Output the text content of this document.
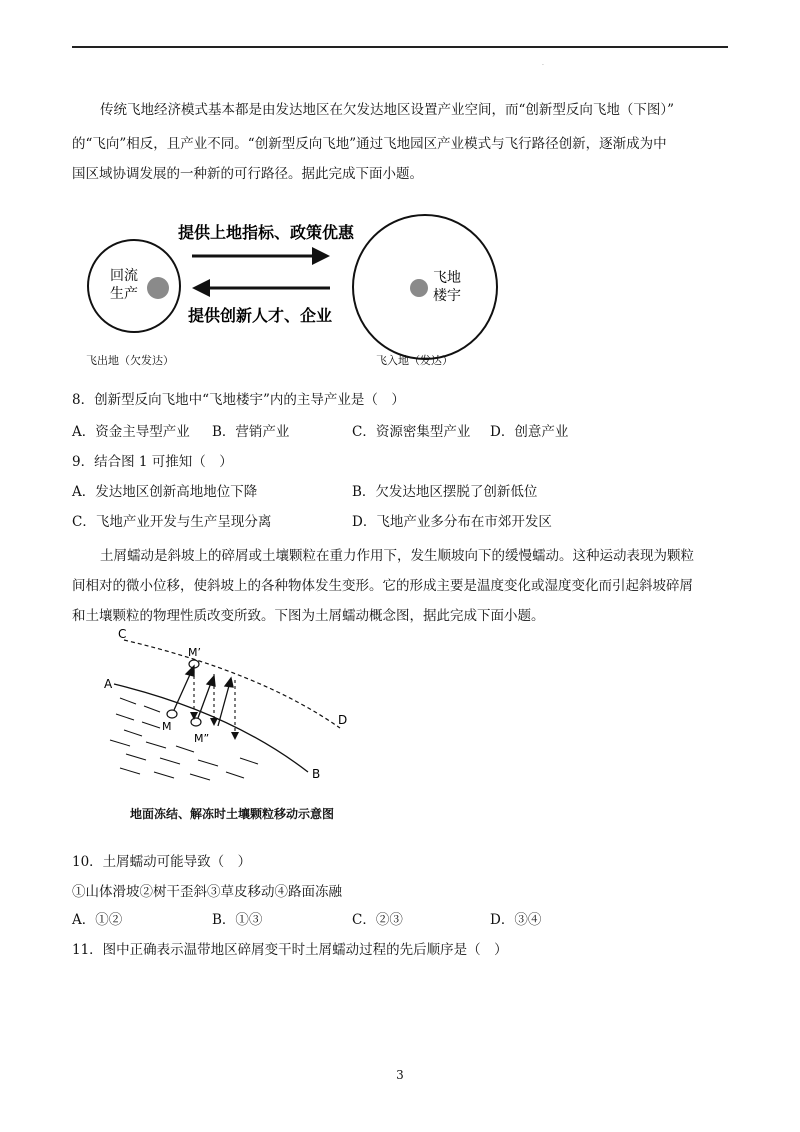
.
传统飞地经济模式基本都是由发达地区在欠发达地区设置产业空间，而“创新型反向飞地（下图）”
的“飞向”相反，且产业不同。“创新型反向飞地”通过飞地园区产业模式与飞行路径创新，逐渐成为中
国区域协调发展的一种新的可行路径。据此完成下面小题。
回流
生产
飞地
楼宇
提供上地指标、政策优惠
提供创新人才、企业
飞出地（欠发达）	飞入地（发达）
8．创新型反向飞地中“飞地楼宇”内的主导产业是（　）
A．资金主导型产业 B．营销产业	C．资源密集型产业 D．创意产业
9．结合图 1 可推知（　）
A．发达地区创新高地地位下降	B．欠发达地区摆脱了创新低位
C．飞地产业开发与生产呈现分离	D．飞地产业多分布在市郊开发区
土屑蠕动是斜坡上的碎屑或土壤颗粒在重力作用下，发生顺坡向下的缓慢蠕动。这种运动表现为颗粒
间相对的微小位移，使斜坡上的各种物体发生变形。它的形成主要是温度变化或湿度变化而引起斜坡碎屑
和土壤颗粒的物理性质改变所致。下图为土屑蠕动概念图，据此完成下面小题。
C
A
D
B
M’
M
M”
地面冻结、解冻时土壤颗粒移动示意图
10．土屑蠕动可能导致（　）
①山体滑坡②树干歪斜③草皮移动④路面冻融
A．①②	B．①③	C．②③	D．③④
11．图中正确表示温带地区碎屑变干时土屑蠕动过程的先后顺序是（　）
3
